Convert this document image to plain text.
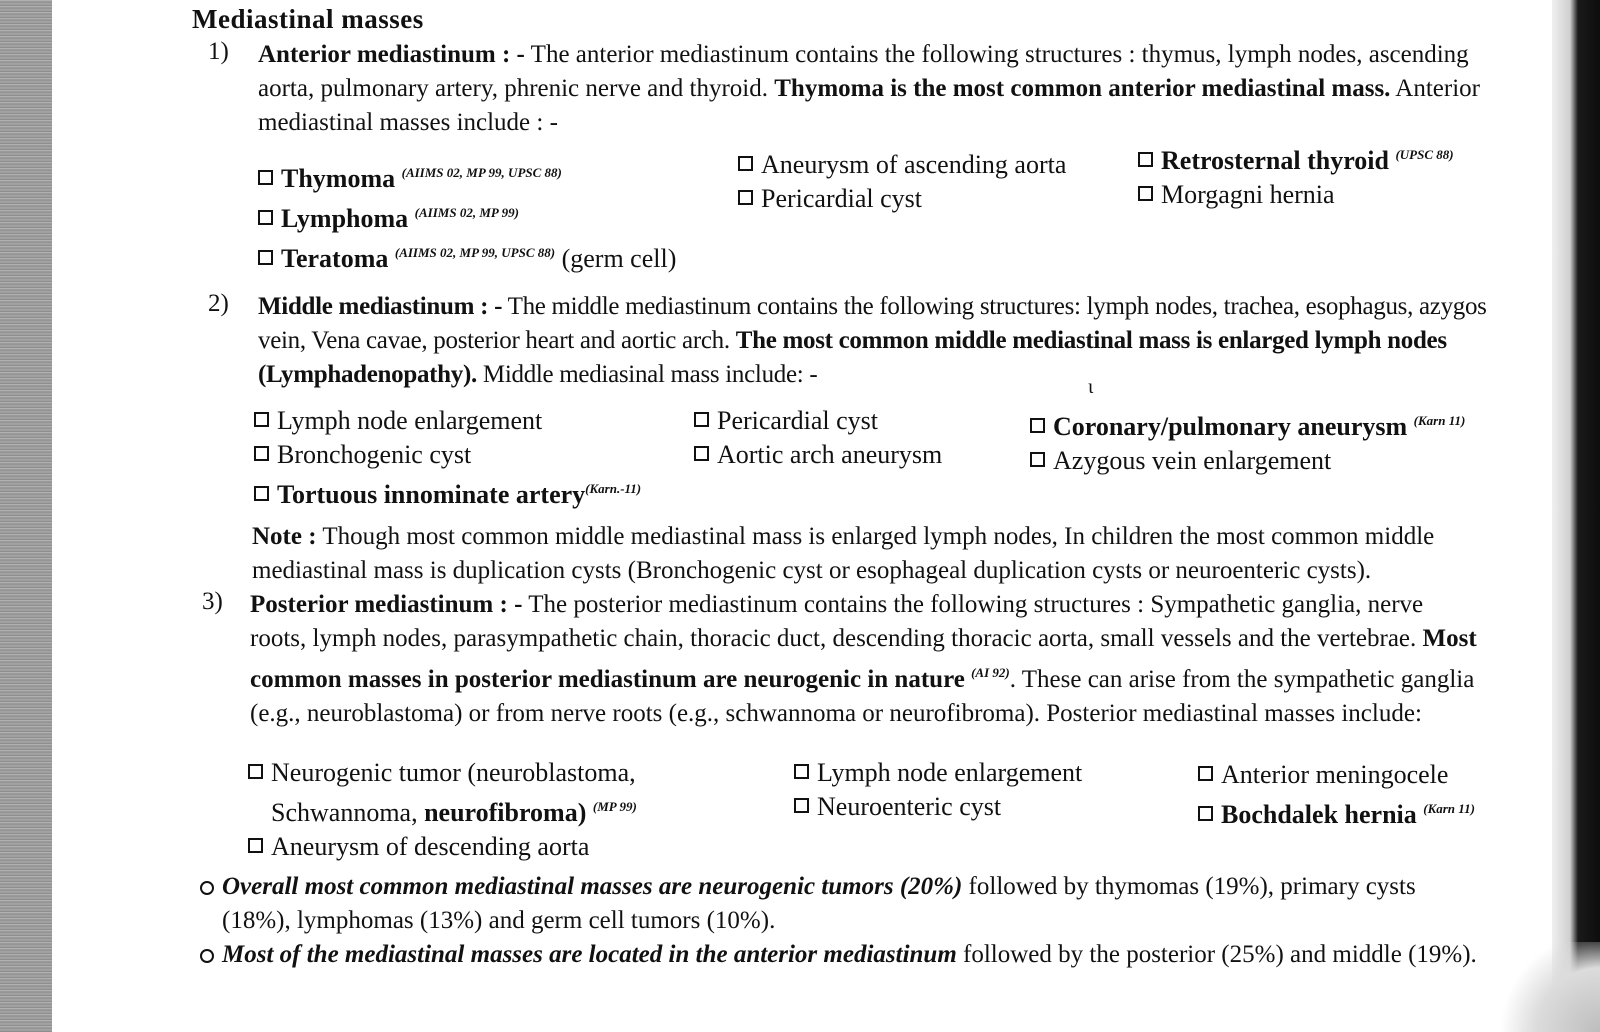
Mediastinal masses
1) Anterior mediastinum : - The anterior mediastinum contains the following structures : thymus, lymph nodes, ascending aorta, pulmonary artery, phrenic nerve and thyroid. Thymoma is the most common anterior mediastinal mass. Anterior mediastinal masses include : -
Thymoma $^{(AIIMS 02, MP 99, UPSC 88)}$
Lymphoma $^{(AIIMS 02, MP 99)}$
Teratoma $^{(AIIMS 02, MP 99, UPSC 88)}$ (germ cell)
Aneurysm of ascending aorta
Pericardial cyst
Retrosternal thyroid $^{(UPSC 88)}$
Morgagni hernia
2) Middle mediastinum : - The middle mediastinum contains the following structures: lymph nodes, trachea, esophagus, azygos vein, Vena cavae, posterior heart and aortic arch. The most common middle mediastinal mass is enlarged lymph nodes (Lymphadenopathy). Middle mediasinal mass include: -	ι
Lymph node enlargement
Bronchogenic cyst
Tortuous innominate artery$^{(Karn.-11)}$
Pericardial cyst
Aortic arch aneurysm
Coronary/pulmonary aneurysm $^{(Karn 11)}$
Azygous vein enlargement
Note : Though most common middle mediastinal mass is enlarged lymph nodes, In children the most common middle mediastinal mass is duplication cysts (Bronchogenic cyst or esophageal duplication cysts or neuroenteric cysts).
3) Posterior mediastinum : - The posterior mediastinum contains the following structures : Sympathetic ganglia, nerve roots, lymph nodes, parasympathetic chain, thoracic duct, descending thoracic aorta, small vessels and the vertebrae. Most common masses in posterior mediastinum are neurogenic in nature $^{(AI 92)}$. These can arise from the sympathetic ganglia (e.g., neuroblastoma) or from nerve roots (e.g., schwannoma or neurofibroma). Posterior mediastinal masses include:
Neurogenic tumor (neuroblastoma,
Schwannoma, neurofibroma) $^{(MP 99)}$
Aneurysm of descending aorta
Lymph node enlargement
Neuroenteric cyst
Anterior meningocele
Bochdalek hernia $^{(Karn 11)}$
Overall most common mediastinal masses are neurogenic tumors (20%) followed by thymomas (19%), primary cysts (18%), lymphomas (13%) and germ cell tumors (10%).
Most of the mediastinal masses are located in the anterior mediastinum followed by the posterior (25%) and middle (19%).
